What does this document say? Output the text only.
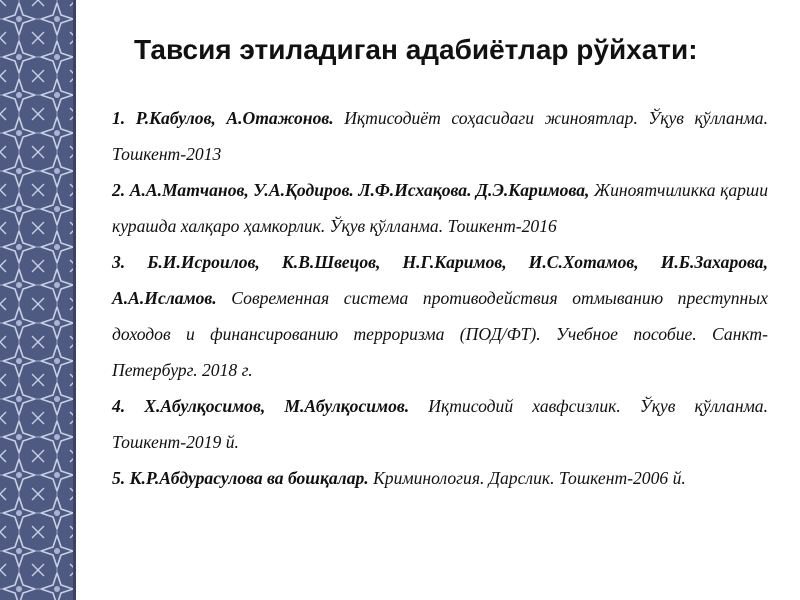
Тавсия этиладиган адабиётлар рўйхати:
1. Р.Кабулов, А.Отажонов. Иқтисодиёт соҳасидаги жиноятлар. Ўқув қўлланма. Тошкент-2013
2. А.А.Матчанов, У.А.Қодиров. Л.Ф.Исхақова. Д.Э.Каримова, Жиноятчиликка қарши курашда халқаро ҳамкорлик. Ўқув қўлланма. Тошкент-2016
3. Б.И.Исроилов, К.В.Швецов, Н.Г.Каримов, И.С.Хотамов, И.Б.Захарова, А.А.Исламов. Современная система противодействия отмыванию преступных доходов и финансированию терроризма (ПОД/ФТ). Учебное пособие. Санкт-Петербург. 2018 г.
4. Х.Абулқосимов, М.Абулқосимов. Иқтисодий хавфсизлик. Ўқув қўлланма. Тошкент-2019 й.
5. К.Р.Абдурасулова ва бошқалар. Криминология. Дарслик. Тошкент-2006 й.
